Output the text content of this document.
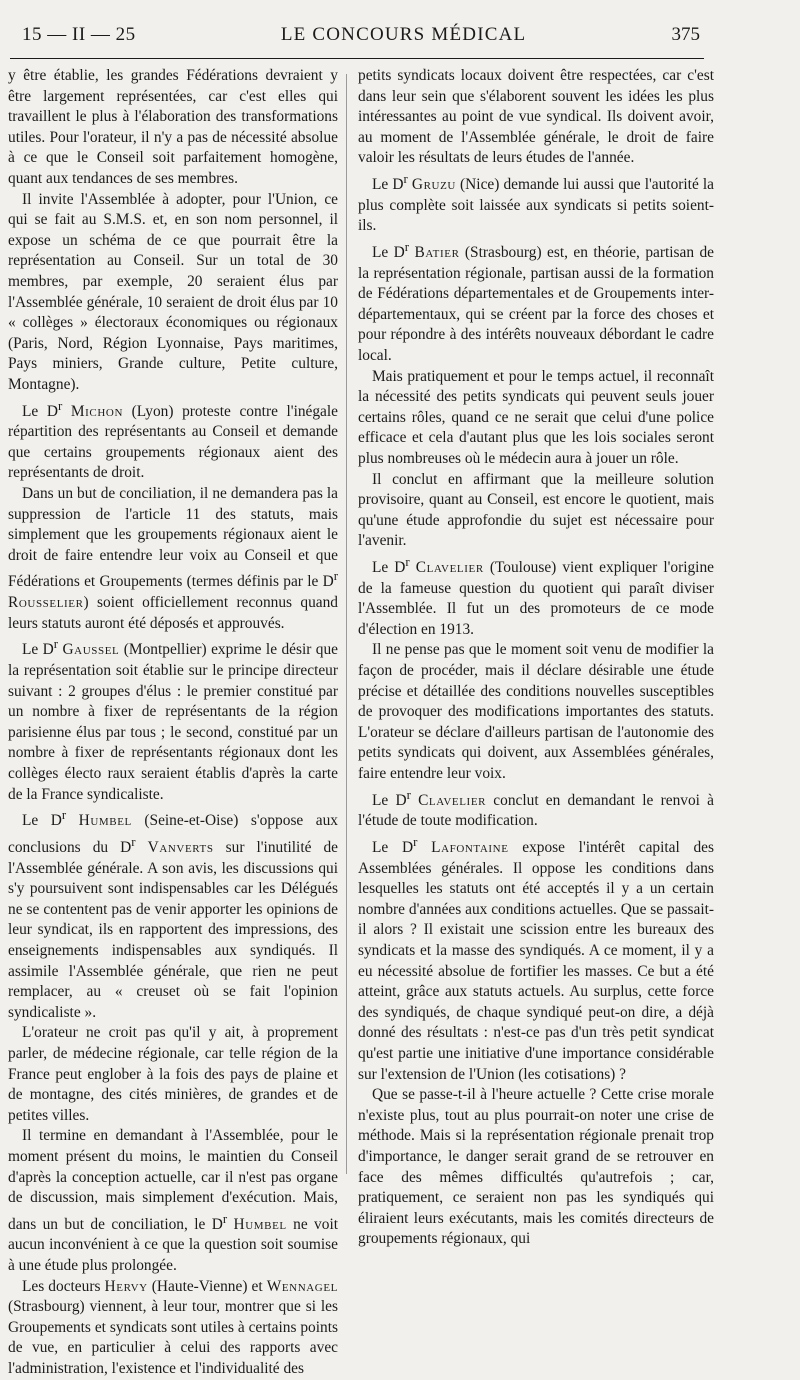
15 — II — 25	LE CONCOURS MÉDICAL	375

y être établie, les grandes Fédérations devraient y être largement représentées, car c'est elles qui travaillent le plus à l'élaboration des transformations utiles. Pour l'orateur, il n'y a pas de nécessité absolue à ce que le Conseil soit parfaitement homogène, quant aux tendances de ses membres.

Il invite l'Assemblée à adopter, pour l'Union, ce qui se fait au S.M.S. et, en son nom personnel, il expose un schéma de ce que pourrait être la représentation au Conseil. Sur un total de 30 membres, par exemple, 20 seraient élus par l'Assemblée générale, 10 seraient de droit élus par 10 « collèges » électoraux économiques ou régionaux (Paris, Nord, Région Lyonnaise, Pays maritimes, Pays miniers, Grande culture, Petite culture, Montagne).

Le $D^r$ Michon (Lyon) proteste contre l'inégale répartition des représentants au Conseil et demande que certains groupements régionaux aient des représentants de droit.

Dans un but de conciliation, il ne demandera pas la suppression de l'article 11 des statuts, mais simplement que les groupements régionaux aient le droit de faire entendre leur voix au Conseil et que Fédérations et Groupements (termes définis par le $D^r$ Rousselier) soient officiellement reconnus quand leurs statuts auront été déposés et approuvés.

Le $D^r$ Gaussel (Montpellier) exprime le désir que la représentation soit établie sur le principe directeur suivant : 2 groupes d'élus : le premier constitué par un nombre à fixer de représentants de la région parisienne élus par tous ; le second, constitué par un nombre à fixer de représentants régionaux dont les collèges électo raux seraient établis d'après la carte de la France syndicaliste.

Le $D^r$ Humbel (Seine-et-Oise) s'oppose aux conclusions du $D^r$ Vanverts sur l'inutilité de l'Assemblée générale. A son avis, les discussions qui s'y poursuivent sont indispensables car les Délégués ne se contentent pas de venir apporter les opinions de leur syndicat, ils en rapportent des impressions, des enseignements indispensables aux syndiqués. Il assimile l'Assemblée générale, que rien ne peut remplacer, au « creuset où se fait l'opinion syndicaliste ».

L'orateur ne croit pas qu'il y ait, à proprement parler, de médecine régionale, car telle région de la France peut englober à la fois des pays de plaine et de montagne, des cités minières, de grandes et de petites villes.

Il termine en demandant à l'Assemblée, pour le moment présent du moins, le maintien du Conseil d'après la conception actuelle, car il n'est pas organe de discussion, mais simplement d'exécution. Mais, dans un but de conciliation, le $D^r$ Humbel ne voit aucun inconvénient à ce que la question soit soumise à une étude plus prolongée.

Les docteurs Hervy (Haute-Vienne) et Wennagel (Strasbourg) viennent, à leur tour, montrer que si les Groupements et syndicats sont utiles à certains points de vue, en particulier à celui des rapports avec l'administration, l'existence et l'individualité des

petits syndicats locaux doivent être respectées, car c'est dans leur sein que s'élaborent souvent les idées les plus intéressantes au point de vue syndical. Ils doivent avoir, au moment de l'Assemblée générale, le droit de faire valoir les résultats de leurs études de l'année.

Le $D^r$ Gruzu (Nice) demande lui aussi que l'autorité la plus complète soit laissée aux syndicats si petits soient-ils.

Le $D^r$ Batier (Strasbourg) est, en théorie, partisan de la représentation régionale, partisan aussi de la formation de Fédérations départementales et de Groupements inter-départementaux, qui se créent par la force des choses et pour répondre à des intérêts nouveaux débordant le cadre local.

Mais pratiquement et pour le temps actuel, il reconnaît la nécessité des petits syndicats qui peuvent seuls jouer certains rôles, quand ce ne serait que celui d'une police efficace et cela d'autant plus que les lois sociales seront plus nombreuses où le médecin aura à jouer un rôle.

Il conclut en affirmant que la meilleure solution provisoire, quant au Conseil, est encore le quotient, mais qu'une étude approfondie du sujet est nécessaire pour l'avenir.

Le $D^r$ Clavelier (Toulouse) vient expliquer l'origine de la fameuse question du quotient qui paraît diviser l'Assemblée. Il fut un des promoteurs de ce mode d'élection en 1913.

Il ne pense pas que le moment soit venu de modifier la façon de procéder, mais il déclare désirable une étude précise et détaillée des conditions nouvelles susceptibles de provoquer des modifications importantes des statuts. L'orateur se déclare d'ailleurs partisan de l'autonomie des petits syndicats qui doivent, aux Assemblées générales, faire entendre leur voix.

Le $D^r$ Clavelier conclut en demandant le renvoi à l'étude de toute modification.

Le $D^r$ Lafontaine expose l'intérêt capital des Assemblées générales. Il oppose les conditions dans lesquelles les statuts ont été acceptés il y a un certain nombre d'années aux conditions actuelles. Que se passait-il alors ? Il existait une scission entre les bureaux des syndicats et la masse des syndiqués. A ce moment, il y a eu nécessité absolue de fortifier les masses. Ce but a été atteint, grâce aux statuts actuels. Au surplus, cette force des syndiqués, de chaque syndiqué peut-on dire, a déjà donné des résultats : n'est-ce pas d'un très petit syndicat qu'est partie une initiative d'une importance considérable sur l'extension de l'Union (les cotisations) ?

Que se passe-t-il à l'heure actuelle ? Cette crise morale n'existe plus, tout au plus pourrait-on noter une crise de méthode. Mais si la représentation régionale prenait trop d'importance, le danger serait grand de se retrouver en face des mêmes difficultés qu'autrefois ; car, pratiquement, ce seraient non pas les syndiqués qui éliraient leurs exécutants, mais les comités directeurs de groupements régionaux, qui
